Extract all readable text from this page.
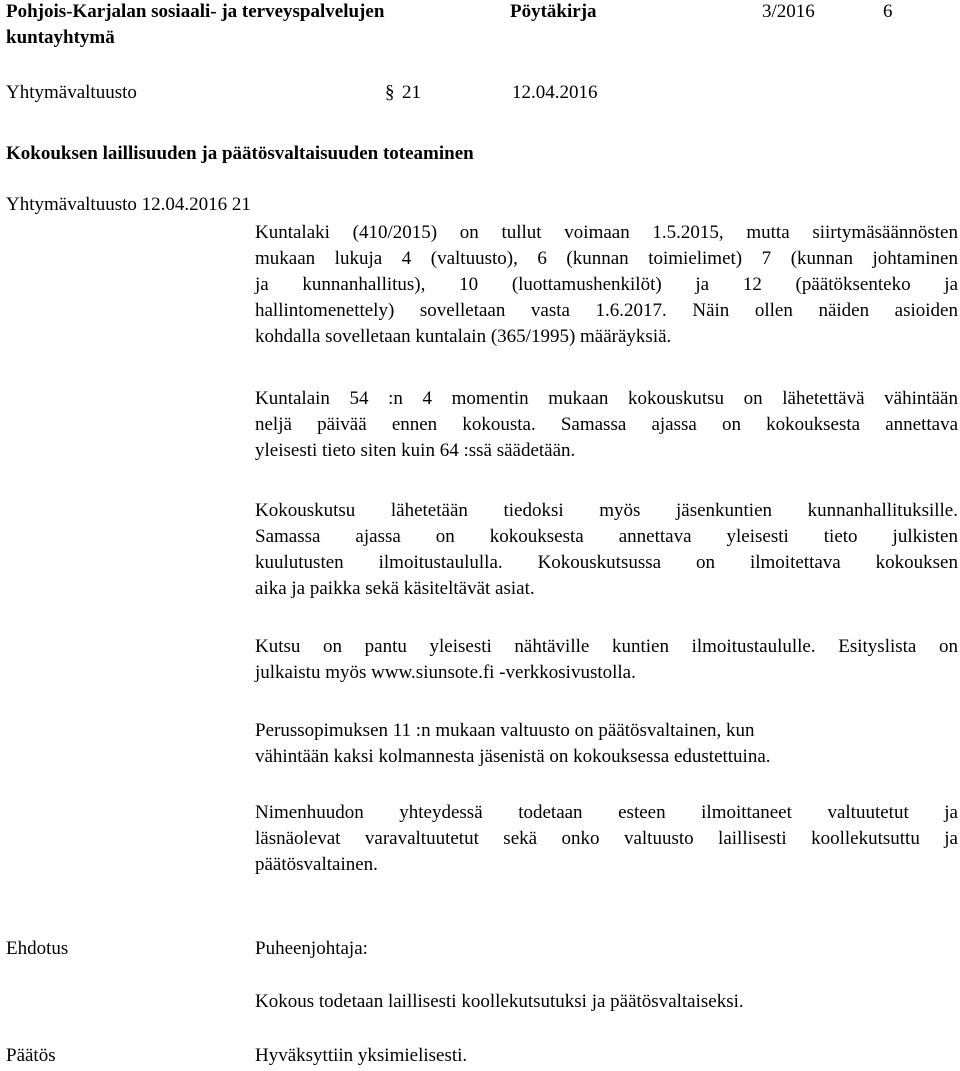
Pohjois-Karjalan sosiaali- ja terveyspalvelujen
kuntayhtymä
Pöytäkirja	3/2016	6
Yhtymävaltuusto	§ 21	12.04.2016
Kokouksen laillisuuden ja päätösvaltaisuuden toteaminen
Yhtymävaltuusto 12.04.2016 21
Kuntalaki (410/2015) on tullut voimaan 1.5.2015, mutta siirtymäsäännösten
mukaan lukuja 4 (valtuusto), 6 (kunnan toimielimet) 7 (kunnan johtaminen
ja kunnanhallitus), 10 (luottamushenkilöt) ja 12 (päätöksenteko ja
hallintomenettely) sovelletaan vasta 1.6.2017. Näin ollen näiden asioiden
kohdalla sovelletaan kuntalain (365/1995) määräyksiä.
Kuntalain 54 :n 4 momentin mukaan kokouskutsu on lähetettävä vähintään
neljä päivää ennen kokousta. Samassa ajassa on kokouksesta annettava
yleisesti tieto siten kuin 64 :ssä säädetään.
Kokouskutsu lähetetään tiedoksi myös jäsenkuntien kunnanhallituksille.
Samassa ajassa on kokouksesta annettava yleisesti tieto julkisten
kuulutusten ilmoitustaululla. Kokouskutsussa on ilmoitettava kokouksen
aika ja paikka sekä käsiteltävät asiat.
Kutsu on pantu yleisesti nähtäville kuntien ilmoitustaululle. Esityslista on
julkaistu myös www.siunsote.fi -verkkosivustolla.
Perussopimuksen 11 :n mukaan valtuusto on päätösvaltainen, kun
vähintään kaksi kolmannesta jäsenistä on kokouksessa edustettuina.
Nimenhuudon yhteydessä todetaan esteen ilmoittaneet valtuutetut ja
läsnäolevat varavaltuutetut sekä onko valtuusto laillisesti koollekutsuttu ja
päätösvaltainen.
Ehdotus	Puheenjohtaja:
Kokous todetaan laillisesti koollekutsutuksi ja päätösvaltaiseksi.
Päätös	Hyväksyttiin yksimielisesti.
